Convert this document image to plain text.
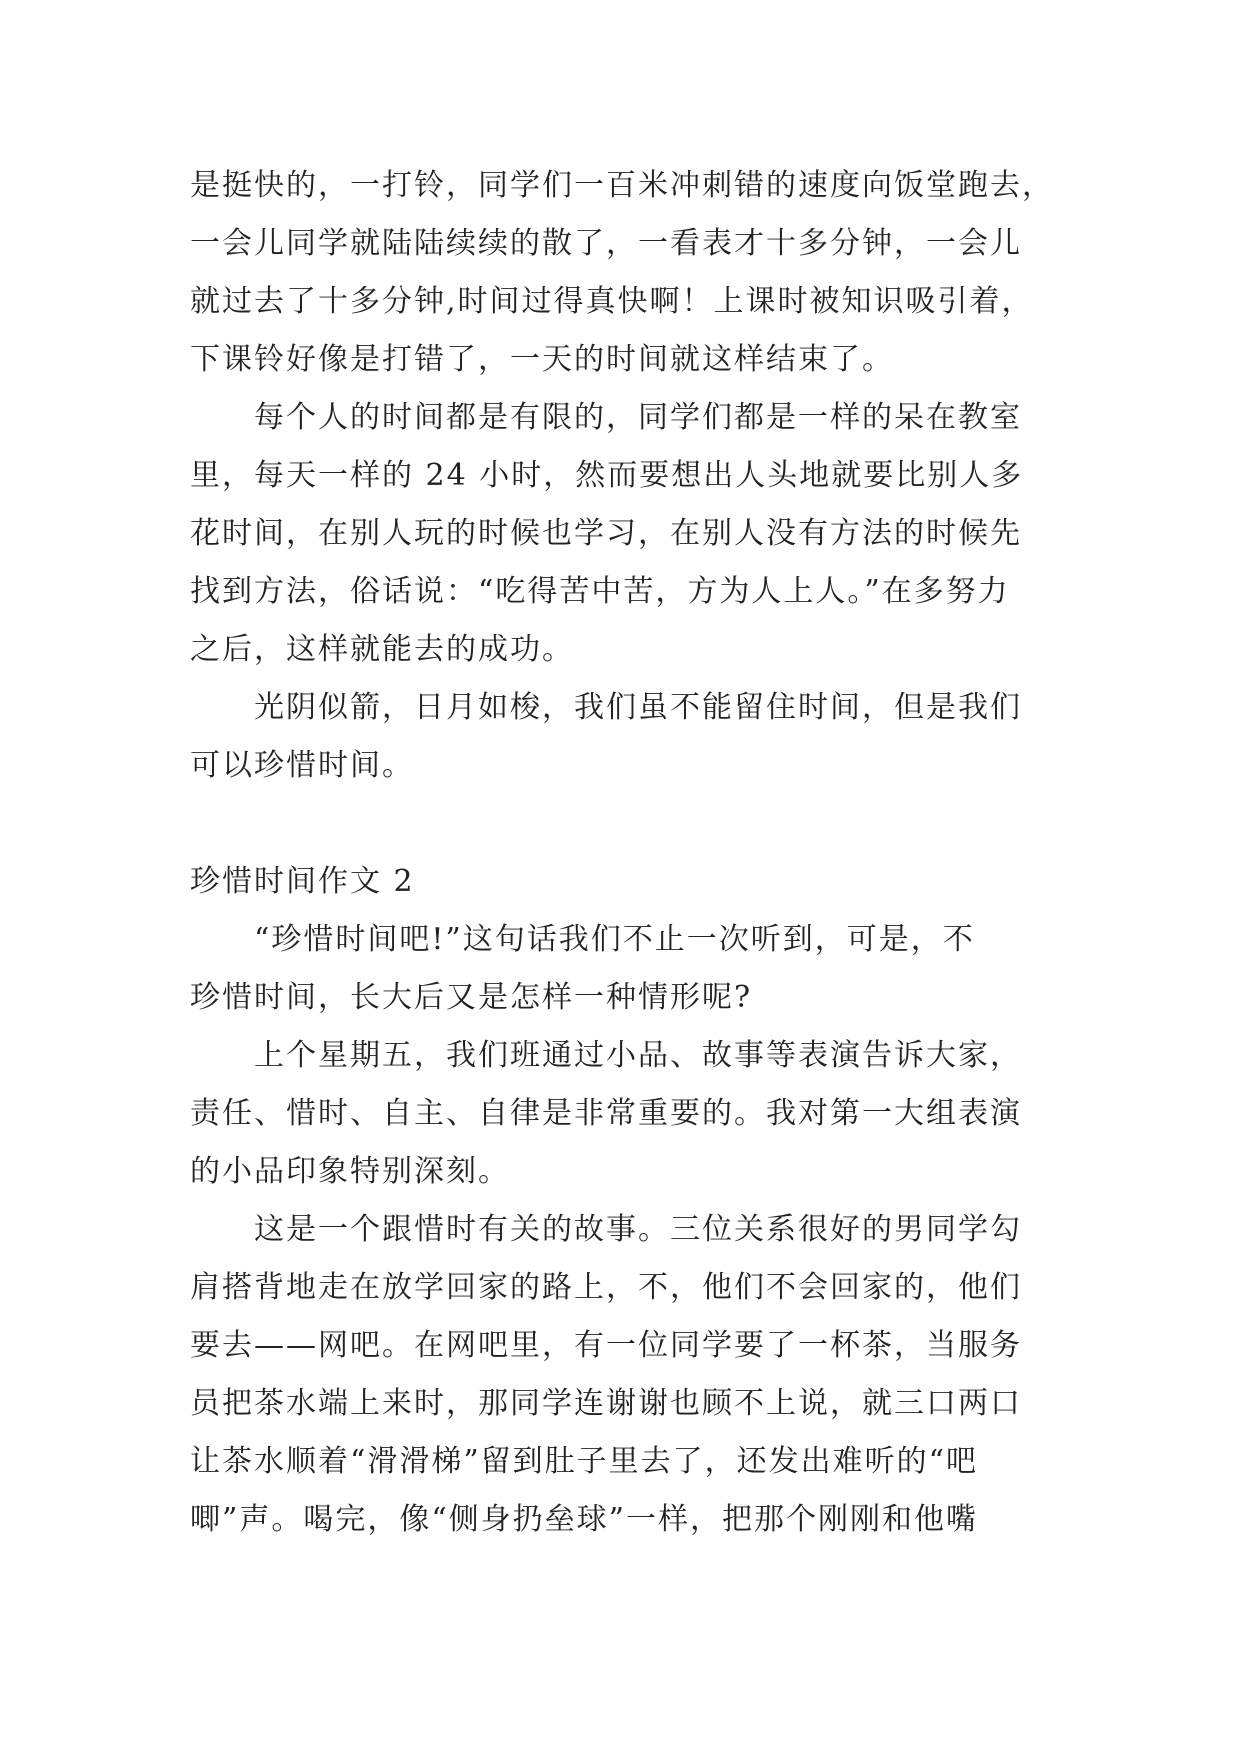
是挺快的，一打铃，同学们一百米冲刺错的速度向饭堂跑去，
一会儿同学就陆陆续续的散了，一看表才十多分钟，一会儿
就过去了十多分钟,时间过得真快啊！上课时被知识吸引着，
下课铃好像是打错了，一天的时间就这样结束了。
每个人的时间都是有限的，同学们都是一样的呆在教室
里，每天一样的 24 小时，然而要想出人头地就要比别人多
花时间，在别人玩的时候也学习，在别人没有方法的时候先
找到方法，俗话说：“吃得苦中苦，方为人上人。”在多努力
之后，这样就能去的成功。
光阴似箭，日月如梭，我们虽不能留住时间，但是我们
可以珍惜时间。
珍惜时间作文 2
“珍惜时间吧!”这句话我们不止一次听到，可是，不
珍惜时间，长大后又是怎样一种情形呢?
上个星期五，我们班通过小品、故事等表演告诉大家，
责任、惜时、自主、自律是非常重要的。我对第一大组表演
的小品印象特别深刻。
这是一个跟惜时有关的故事。三位关系很好的男同学勾
肩搭背地走在放学回家的路上，不，他们不会回家的，他们
要去——网吧。在网吧里，有一位同学要了一杯茶，当服务
员把茶水端上来时，那同学连谢谢也顾不上说，就三口两口
让茶水顺着“滑滑梯”留到肚子里去了，还发出难听的“吧
唧”声。喝完，像“侧身扔垒球”一样，把那个刚刚和他嘴
